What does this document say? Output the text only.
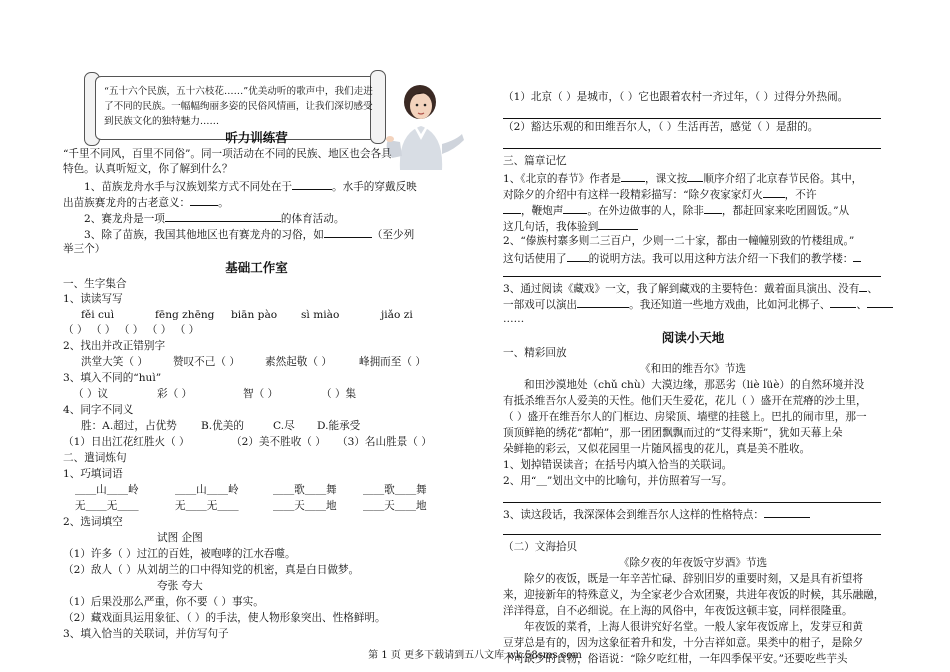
“五十六个民族，五十六枝花……”优美动听的歌声中，我们走进了不同的民族。一幅幅绚丽多姿的民俗风情画，让我们深切感受到民族文化的独特魅力……
听力训练营
“千里不同风，百里不同俗”。同一项活动在不同的民族、地区也会各具
特色。认真听短文，你了解到什么？
1、苗族龙舟水手与汉族划桨方式不同处在于	。水手的穿戴反映
出苗族赛龙舟的古老意义：	。
2、赛龙舟是一项	的体育活动。
3、除了苗族，我国其他地区也有赛龙舟的习俗，如	（至少列
举三个）
基础工作室
一、生字集合
1、读读写写
fěi cuì	fēng zhēng biān pào sì miào	jiǎo zi
（ ） （ ） （ ） （ ） （ ）
2、找出并改正错别字
洪堂大笑（ ） 赞叹不己（ ） 素然起敬（ ）	峰拥而至（ ）
3、填入不同的“huì”
（ ）议	彩（ ）	智（ ）	（ ）集
4、同字不同义
胜：A.超过，占优势 B.优美的	C.尽 D.能承受
（1）日出江花红胜火（ ）	（2）美不胜收（ ） （3）名山胜景（ ）
二、遣词炼句
1、巧填词语
＿＿山＿＿岭	＿＿山＿＿岭	＿＿歌＿＿舞 ＿＿歌＿＿舞
无＿＿无＿＿	无＿＿无＿＿	＿＿天＿＿地 ＿＿天＿＿地
2、选词填空
试图 企图
（1）许多（ ）过江的百姓，被咆哮的江水吞噬。
（2）敌人（ ）从刘胡兰的口中得知党的机密，真是白日做梦。
夸张 夸大
（1）后果没那么严重，你不要（ ）事实。
（2）藏戏面具运用象征、（ ）的手法，使人物形象突出、性格鲜明。
3、填入恰当的关联词，并仿写句子
（1）北京（ ）是城市，（ ）它也跟着农村一齐过年，（ ）过得分外热闹。
（2）豁达乐观的和田维吾尔人，（ ）生活再苦，感觉（ ）是甜的。
三、篇章记忆
1、《北京的春节》作者是 ，课文按 顺序介绍了北京春节民俗。其中，
对除夕的介绍中有这样一段精彩描写：“除夕夜家家灯火 ，不许
，鞭炮声 。在外边做事的人，除非 ，都赶回家来吃团圆饭。”从
这几句话，我体验到
2、“傣族村寨多则二三百户，少则一二十家，都由一幢幢别致的竹楼组成。”
这句话使用了 的说明方法。我可以用这种方法介绍一下我们的教学楼：
3、通过阅读《藏戏》一文，我了解到藏戏的主要特色：戴着面具演出、没有 、
一部戏可以演出	。我还知道一些地方戏曲，比如河北梆子、 、
……
阅读小天地
一、精彩回放
《和田的维吾尔》节选
和田沙漠地处（chǔ chù）大漠边缘，那恶劣（liè lüè）的自然环境并没
有抵杀维吾尔人爱美的天性。他们天生爱花，花儿（ ）盛开在荒瘠的沙土里，
（ ）盛开在维吾尔人的门框边、房梁顶、墙壁的挂毯上。巴扎的闹市里，那一
顶顶鲜艳的绣花“都帕”，那一团团飘飘而过的“艾得来斯”，犹如天幕上朵
朵鲜艳的彩云，又似花园里一片随风摇曳的花儿，真是美不胜收。
1、划掉错误读音；在括号内填入恰当的关联词。
2、用“＿”划出文中的比喻句，并仿照着写一写。
3、读这段话，我深深体会到维吾尔人这样的性格特点：
（二）文海拾贝
《除夕夜的年夜饭守岁酒》节选
除夕的夜饭，既是一年辛苦忙碌、辞别旧岁的重要时刻，又是具有祈望将
来，迎接新年的特殊意义，为全家老少合欢团聚，共进年夜饭的时候，其乐融融，
洋洋得意，自不必细说。在上海的风俗中，年夜饭这顿丰宴，同样很隆重。
年夜饭的菜肴，上海人很讲究好名堂。一般人家年夜饭席上，发芽豆和黄
豆芽总是有的，因为这象征着升和发，十分吉祥如意。果类中的柑子，是除夕
不可缺少的食物，俗语说：“除夕吃红柑，一年四季保平安。”还要吃些芋头
第 1 页 更多下载请到五八文库 wk.58sms.com
